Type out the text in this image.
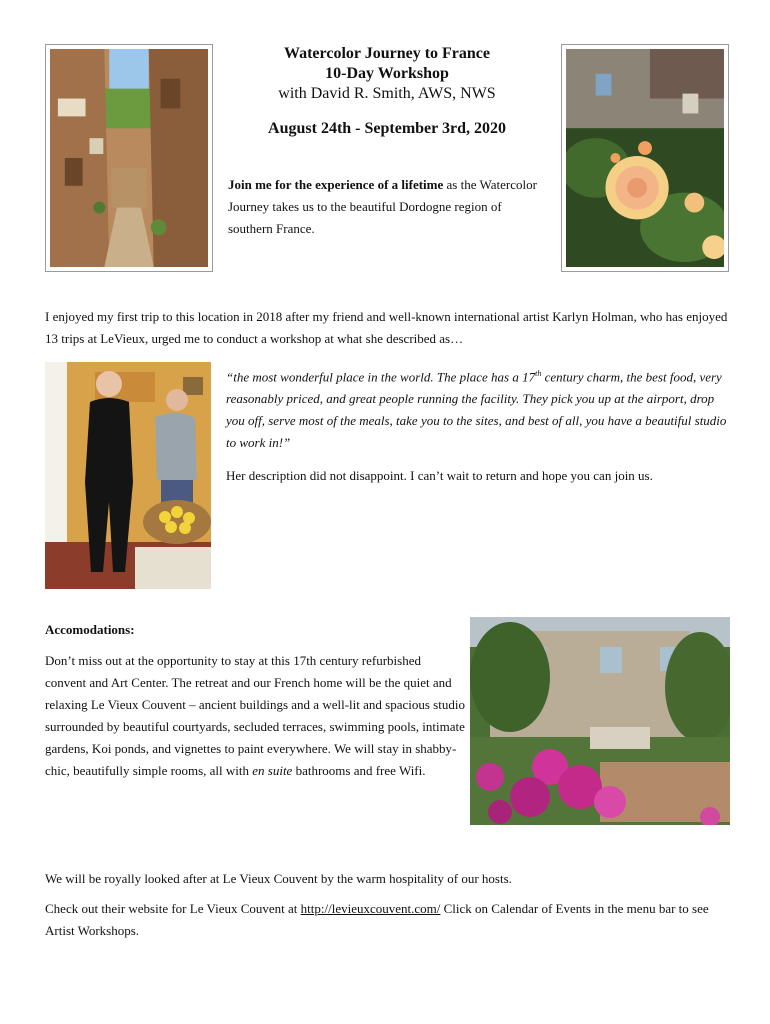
Watercolor Journey to France
10-Day Workshop
with David R. Smith, AWS, NWS
August 24th - September 3rd, 2020

Join me for the experience of a lifetime as the Watercolor Journey takes us to the beautiful Dordogne region of southern France.

I enjoyed my first trip to this location in 2018 after my friend and well-known international artist Karlyn Holman, who has enjoyed 13 trips at LeVieux, urged me to conduct a workshop at what she described as…

“the most wonderful place in the world. The place has a 17th century charm, the best food, very reasonably priced, and great people running the facility. They pick you up at the airport, drop you off, serve most of the meals, take you to the sites, and best of all, you have a beautiful studio to work in!”

Her description did not disappoint. I can’t wait to return and hope you can join us.

Accomodations:

Don’t miss out at the opportunity to stay at this 17th century refurbished convent and Art Center. The retreat and our French home will be the quiet and relaxing Le Vieux Couvent – ancient buildings and a well-lit and spacious studio surrounded by beautiful courtyards, secluded terraces, swimming pools, intimate gardens, Koi ponds, and vignettes to paint everywhere. We will stay in shabby-chic, beautifully simple rooms, all with en suite bathrooms and free Wifi.

We will be royally looked after at Le Vieux Couvent by the warm hospitality of our hosts.

Check out their website for Le Vieux Couvent at http://levieuxcouvent.com/ Click on Calendar of Events in the menu bar to see Artist Workshops.
